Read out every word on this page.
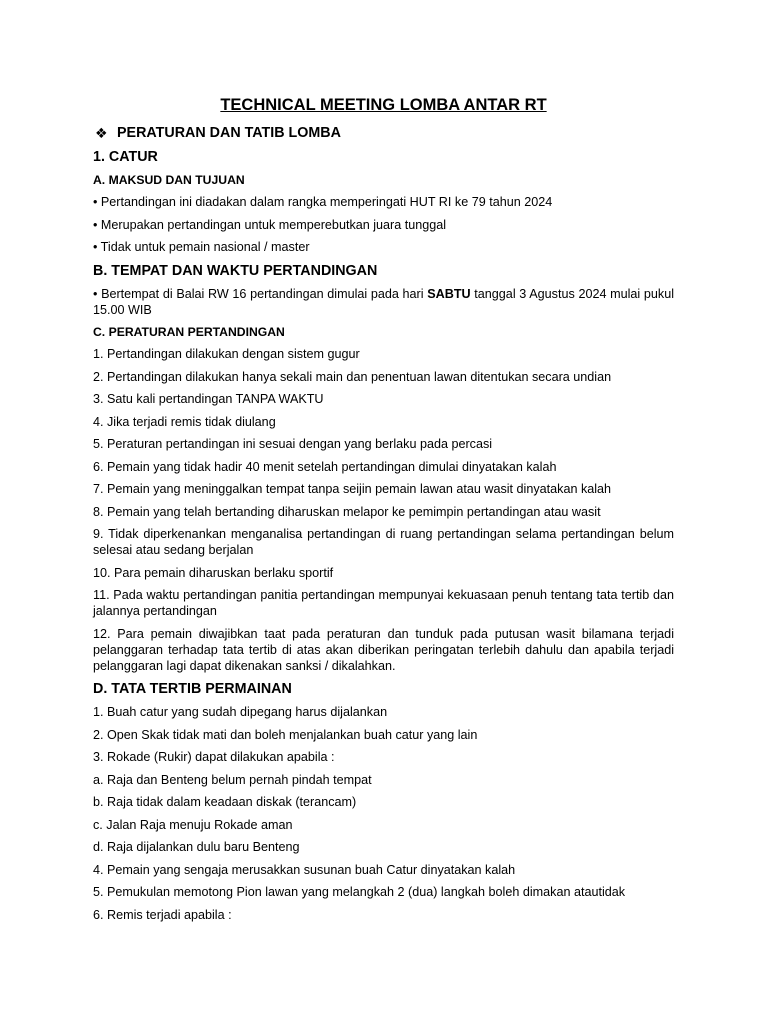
TECHNICAL MEETING LOMBA ANTAR RT
❖ PERATURAN DAN TATIB LOMBA
1. CATUR
A. MAKSUD DAN TUJUAN
• Pertandingan ini diadakan dalam rangka memperingati HUT RI ke 79 tahun 2024
• Merupakan pertandingan untuk memperebutkan juara tunggal
• Tidak untuk pemain nasional / master
B. TEMPAT DAN WAKTU PERTANDINGAN
• Bertempat di Balai RW 16 pertandingan dimulai pada hari SABTU tanggal 3 Agustus 2024 mulai pukul 15.00 WIB
C. PERATURAN PERTANDINGAN
1. Pertandingan dilakukan dengan sistem gugur
2. Pertandingan dilakukan hanya sekali main dan penentuan lawan ditentukan secara undian
3. Satu kali pertandingan TANPA WAKTU
4. Jika terjadi remis tidak diulang
5. Peraturan pertandingan ini sesuai dengan yang berlaku pada percasi
6. Pemain yang tidak hadir 40 menit setelah pertandingan dimulai dinyatakan kalah
7. Pemain yang meninggalkan tempat tanpa seijin pemain lawan atau wasit dinyatakan kalah
8. Pemain yang telah bertanding diharuskan melapor ke pemimpin pertandingan atau wasit
9. Tidak diperkenankan menganalisa pertandingan di ruang pertandingan selama pertandingan belum selesai atau sedang berjalan
10. Para pemain diharuskan berlaku sportif
11. Pada waktu pertandingan panitia pertandingan mempunyai kekuasaan penuh tentang tata tertib dan jalannya pertandingan
12. Para pemain diwajibkan taat pada peraturan dan tunduk pada putusan wasit bilamana terjadi pelanggaran terhadap tata tertib di atas akan diberikan peringatan terlebih dahulu dan apabila terjadi pelanggaran lagi dapat dikenakan sanksi / dikalahkan.
D. TATA TERTIB PERMAINAN
1. Buah catur yang sudah dipegang harus dijalankan
2. Open Skak tidak mati dan boleh menjalankan buah catur yang lain
3. Rokade (Rukir) dapat dilakukan apabila :
a. Raja dan Benteng belum pernah pindah tempat
b. Raja tidak dalam keadaan diskak (terancam)
c. Jalan Raja menuju Rokade aman
d. Raja dijalankan dulu baru Benteng
4. Pemain yang sengaja merusakkan susunan buah Catur dinyatakan kalah
5. Pemukulan memotong Pion lawan yang melangkah 2 (dua) langkah boleh dimakan atautidak
6. Remis terjadi apabila :
